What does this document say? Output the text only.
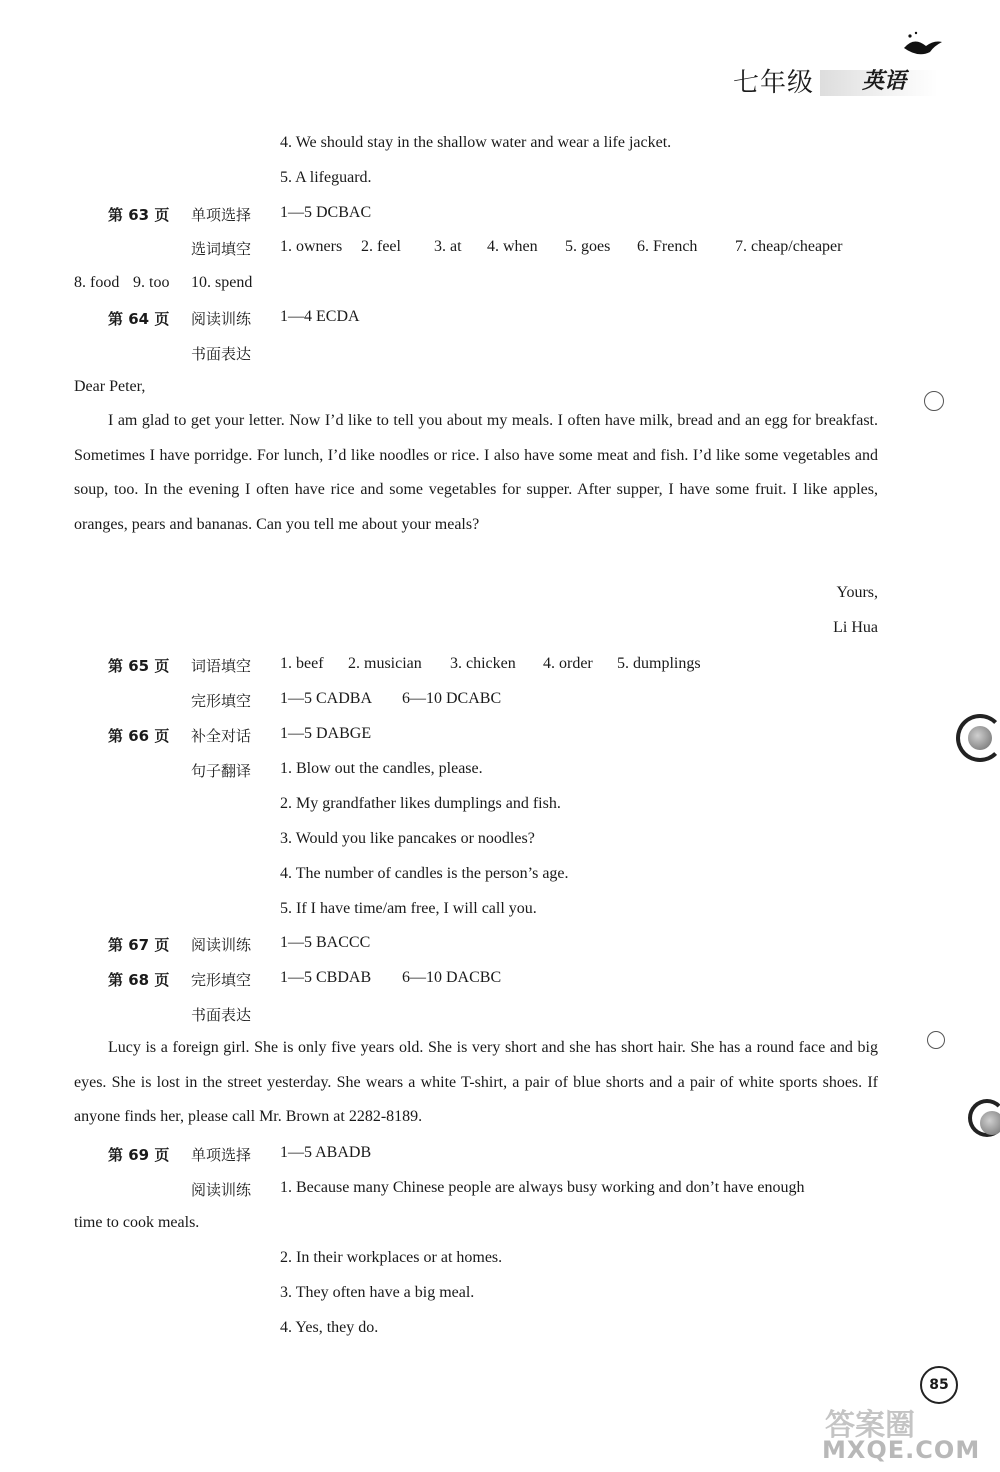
七年级 英语
4. We should stay in the shallow water and wear a life jacket.
5. A lifeguard.
第 63 页 单项选择 1—5 DCBAC
选词填空 1. owners 2. feel 3. at 4. when 5. goes 6. French 7. cheap/cheaper
8. food 9. too 10. spend
第 64 页 阅读训练 1—4 ECDA
书面表达
Dear Peter,
I am glad to get your letter. Now I’d like to tell you about my meals. I often have milk, bread and an egg for breakfast. Sometimes I have porridge. For lunch, I’d like noodles or rice. I also have some meat and fish. I’d like some vegetables and soup, too. In the evening I often have rice and some vegetables for supper. After supper, I have some fruit. I like apples, oranges, pears and bananas. Can you tell me about your meals?
Yours,
Li Hua
第 65 页 词语填空 1. beef 2. musician 3. chicken 4. order 5. dumplings
完形填空 1—5 CADBA 6—10 DCABC
第 66 页 补全对话 1—5 DABGE
句子翻译 1. Blow out the candles, please.
2. My grandfather likes dumplings and fish.
3. Would you like pancakes or noodles?
4. The number of candles is the person’s age.
5. If I have time/am free, I will call you.
第 67 页 阅读训练 1—5 BACCC
第 68 页 完形填空 1—5 CBDAB 6—10 DACBC
书面表达
Lucy is a foreign girl. She is only five years old. She is very short and she has short hair. She has a round face and big eyes. She is lost in the street yesterday. She wears a white T-shirt, a pair of blue shorts and a pair of white sports shoes. If anyone finds her, please call Mr. Brown at 2282-8189.
第 69 页 单项选择 1—5 ABADB
阅读训练 1. Because many Chinese people are always busy working and don’t have enough
time to cook meals.
2. In their workplaces or at homes.
3. They often have a big meal.
4. Yes, they do.
85
答案圈
MXQE.COM
